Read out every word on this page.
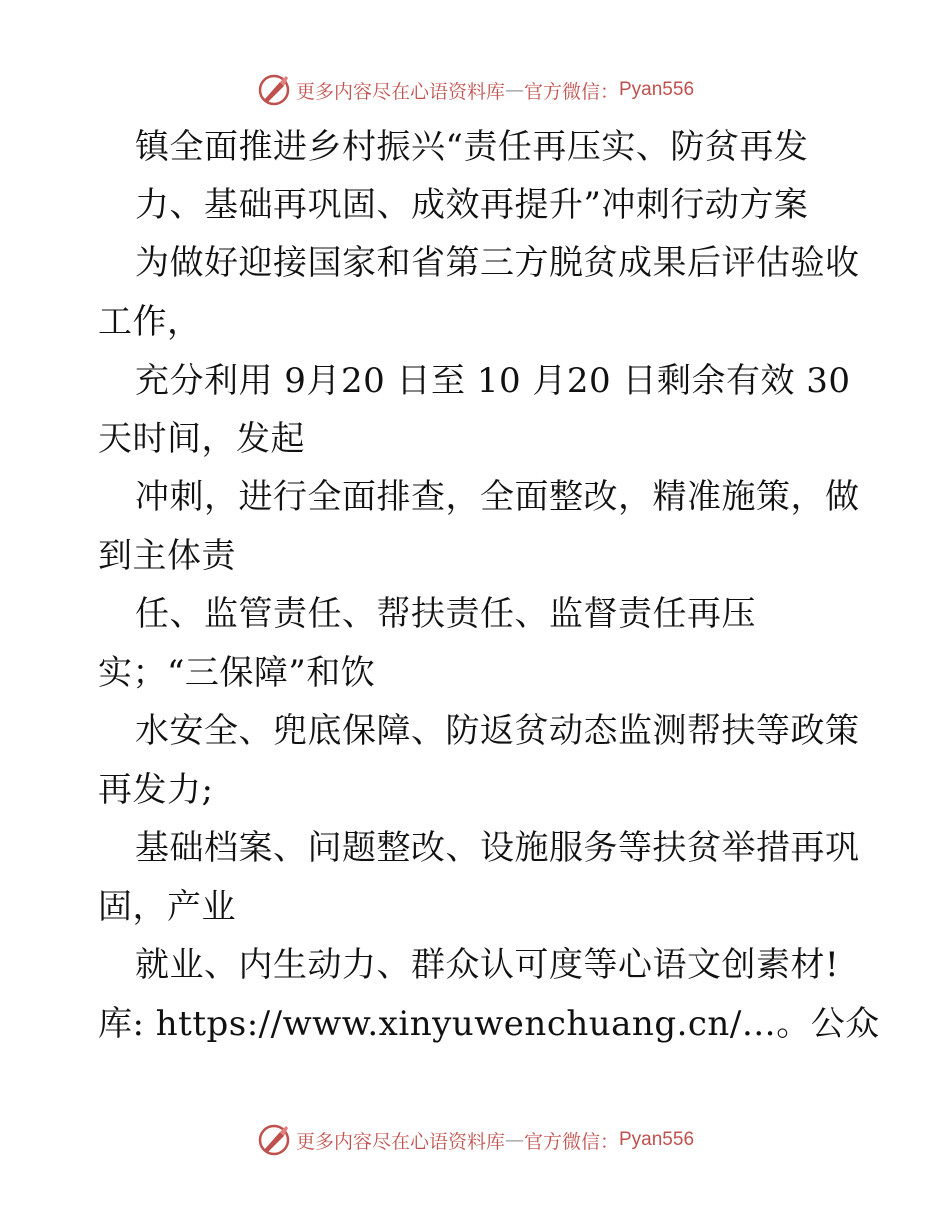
更多内容尽在心语资料库 — 官方微信： Pyan556
镇全面推进乡村振兴“责任再压实、防贫再发
力、基础再巩固、成效再提升”冲刺行动方案
为做好迎接国家和省第三方脱贫成果后评估验收
工作，
充分利用 9月20 日至 10 月20 日剩余有效 30
天时间，发起
冲刺，进行全面排查，全面整改，精准施策，做
到主体责
任、监管责任、帮扶责任、监督责任再压
实；“三保障”和饮
水安全、兜底保障、防返贫动态监测帮扶等政策
再发力;
基础档案、问题整改、设施服务等扶贫举措再巩
固，产业
就业、内生动力、群众认可度等心语文创素材!
库: https://www.xinyuwenchuang.cn/…。公众
更多内容尽在心语资料库 — 官方微信： Pyan556
